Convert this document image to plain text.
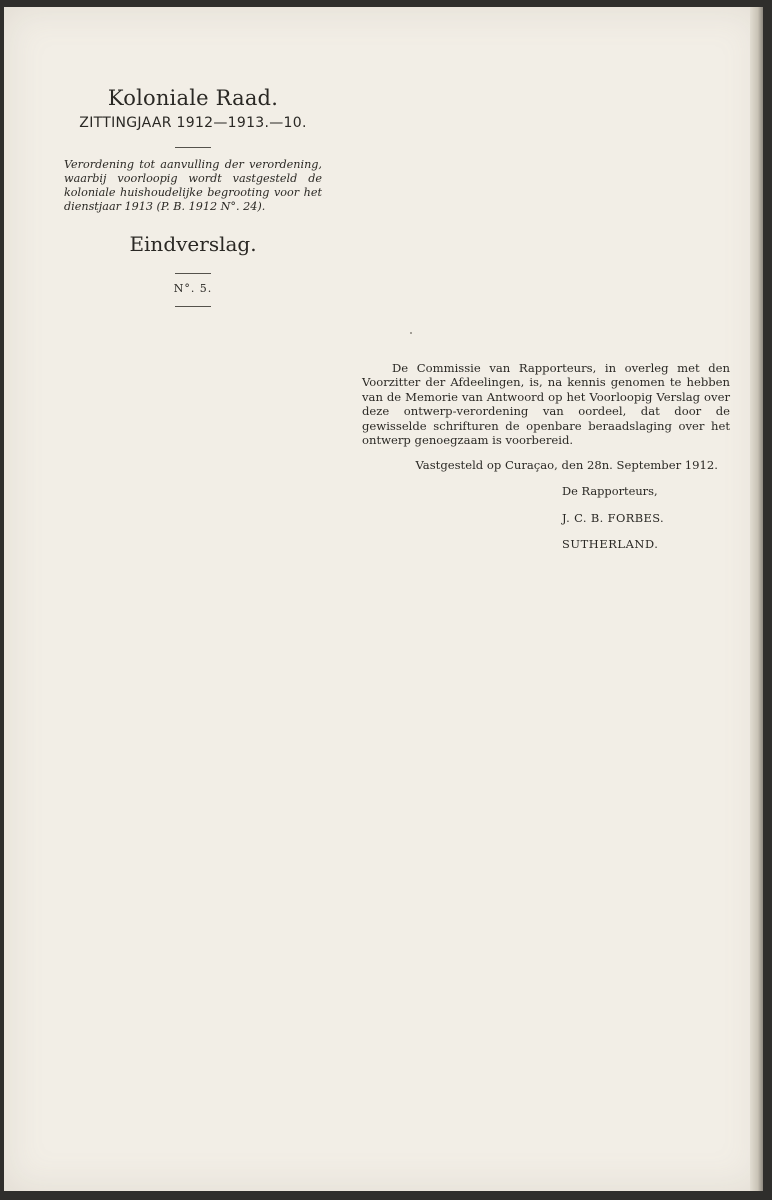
Koloniale Raad.
ZITTINGJAAR 1912—1913.—10.
Verordening tot aanvulling der verordening, waarbij voorloopig wordt vastgesteld de koloniale huishoudelijke begrooting voor het dienstjaar 1913 (P. B. 1912 N°. 24).
Eindverslag.
N°. 5.

De Commissie van Rapporteurs, in overleg met den Voorzitter der Afdeelingen, is, na kennis genomen te hebben van de Memorie van Antwoord op het Voorloopig Verslag over deze ontwerp-verordening van oordeel, dat door de gewisselde schrifturen de openbare beraadslaging over het ontwerp genoegzaam is voorbereid.

Vastgesteld op Curaçao, den 28n. September 1912.

De Rapporteurs,

J. C. B. FORBES.

SUTHERLAND.
